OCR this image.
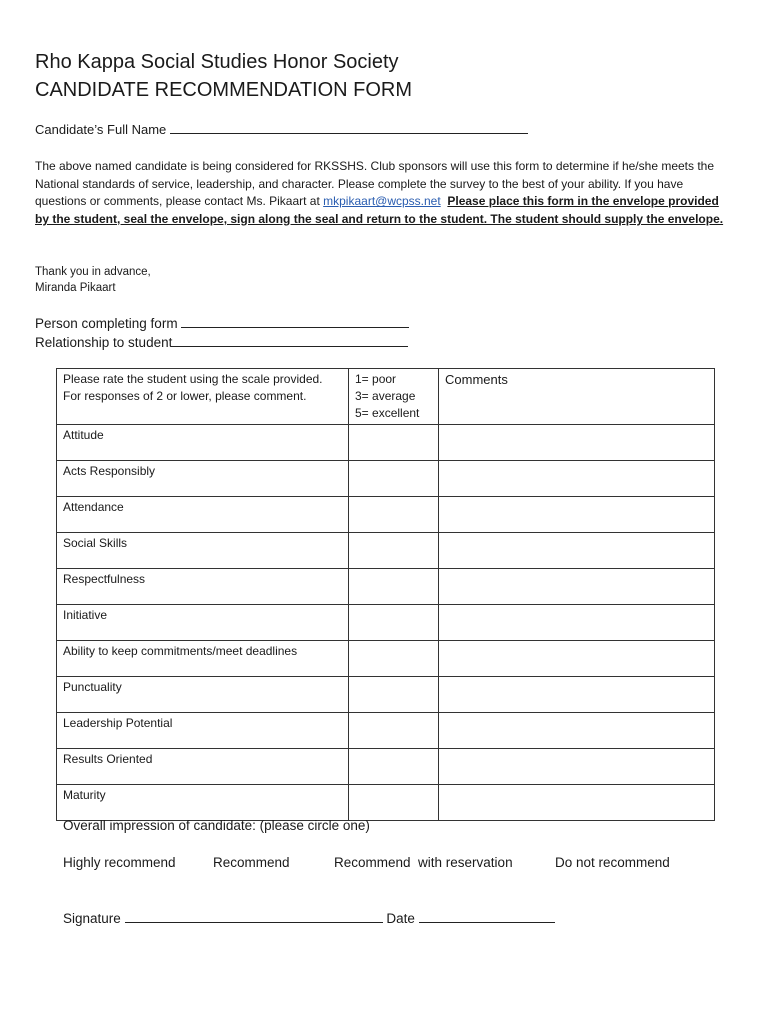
Rho Kappa Social Studies Honor Society
CANDIDATE RECOMMENDATION FORM
Candidate’s Full Name
The above named candidate is being considered for RKSSHS. Club sponsors will use this form to determine if he/she meets the National standards of service, leadership, and character. Please complete the survey to the best of your ability. If you have questions or comments, please contact Ms. Pikaart at mkpikaart@wcpss.net Please place this form in the envelope provided by the student, seal the envelope, sign along the seal and return to the student. The student should supply the envelope.
Thank you in advance,
Miranda Pikaart
Person completing form
Relationship to student
Please rate the student using the scale provided. For responses of 2 or lower, please comment.	1= poor
3= average
5= excellent	Comments
Attitude		
Acts Responsibly		
Attendance		
Social Skills		
Respectfulness		
Initiative		
Ability to keep commitments/meet deadlines		
Punctuality		
Leadership Potential		
Results Oriented		
Maturity		
Overall impression of candidate: (please circle one)
Highly recommend	Recommend	Recommend  with reservation	Do not recommend
Signature	Date
